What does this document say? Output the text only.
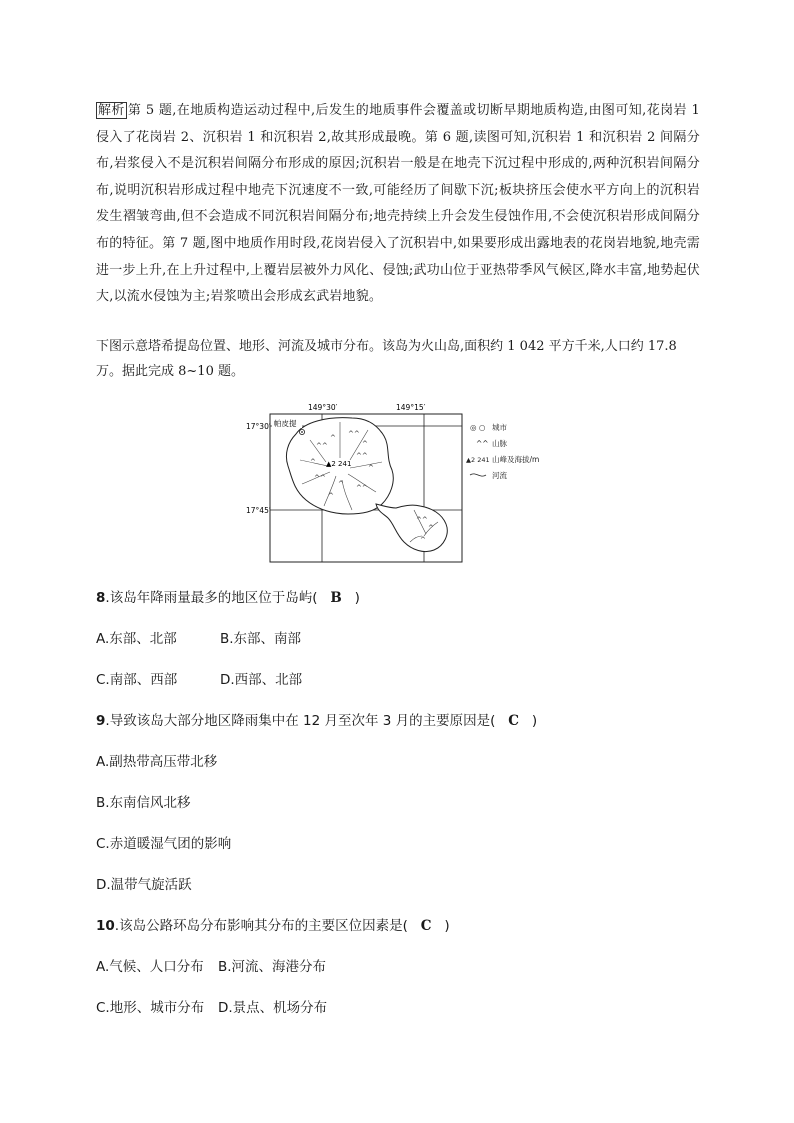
解析 第 5 题,在地质构造运动过程中,后发生的地质事件会覆盖或切断早期地质构造,由图可知,花岗岩 1 侵入了花岗岩 2、沉积岩 1 和沉积岩 2,故其形成最晚。第 6 题,读图可知,沉积岩 1 和沉积岩 2 间隔分布,岩浆侵入不是沉积岩间隔分布形成的原因;沉积岩一般是在地壳下沉过程中形成的,两种沉积岩间隔分布,说明沉积岩形成过程中地壳下沉速度不一致,可能经历了间歇下沉;板块挤压会使水平方向上的沉积岩发生褶皱弯曲,但不会造成不同沉积岩间隔分布;地壳持续上升会发生侵蚀作用,不会使沉积岩形成间隔分布的特征。第 7 题,图中地质作用时段,花岗岩侵入了沉积岩中,如果要形成出露地表的花岗岩地貌,地壳需进一步上升,在上升过程中,上覆岩层被外力风化、侵蚀;武功山位于亚热带季风气候区,降水丰富,地势起伏大,以流水侵蚀为主;岩浆喷出会形成玄武岩地貌。
下图示意塔希提岛位置、地形、河流及城市分布。该岛为火山岛,面积约 1 042 平方千米,人口约 17.8 万。据此完成 8~10 题。
149°30′	149°15′
17°30′
17°45′
^^
^ ^^
^
^
^^
^
^^
^ ^^
^
^^
^
^
▲2 241
帕皮提	◎ ○ 城市
^^ 山脉
▲2 241 山峰及海拔/m
河流
8.该岛年降雨量最多的地区位于岛屿( B )
A.东部、北部	B.东部、南部
C.南部、西部	D.西部、北部
9.导致该岛大部分地区降雨集中在 12 月至次年 3 月的主要原因是( C )
A.副热带高压带北移
B.东南信风北移
C.赤道暖湿气团的影响
D.温带气旋活跃
10.该岛公路环岛分布影响其分布的主要区位因素是( C )
A.气候、人口分布 B.河流、海港分布
C.地形、城市分布 D.景点、机场分布
